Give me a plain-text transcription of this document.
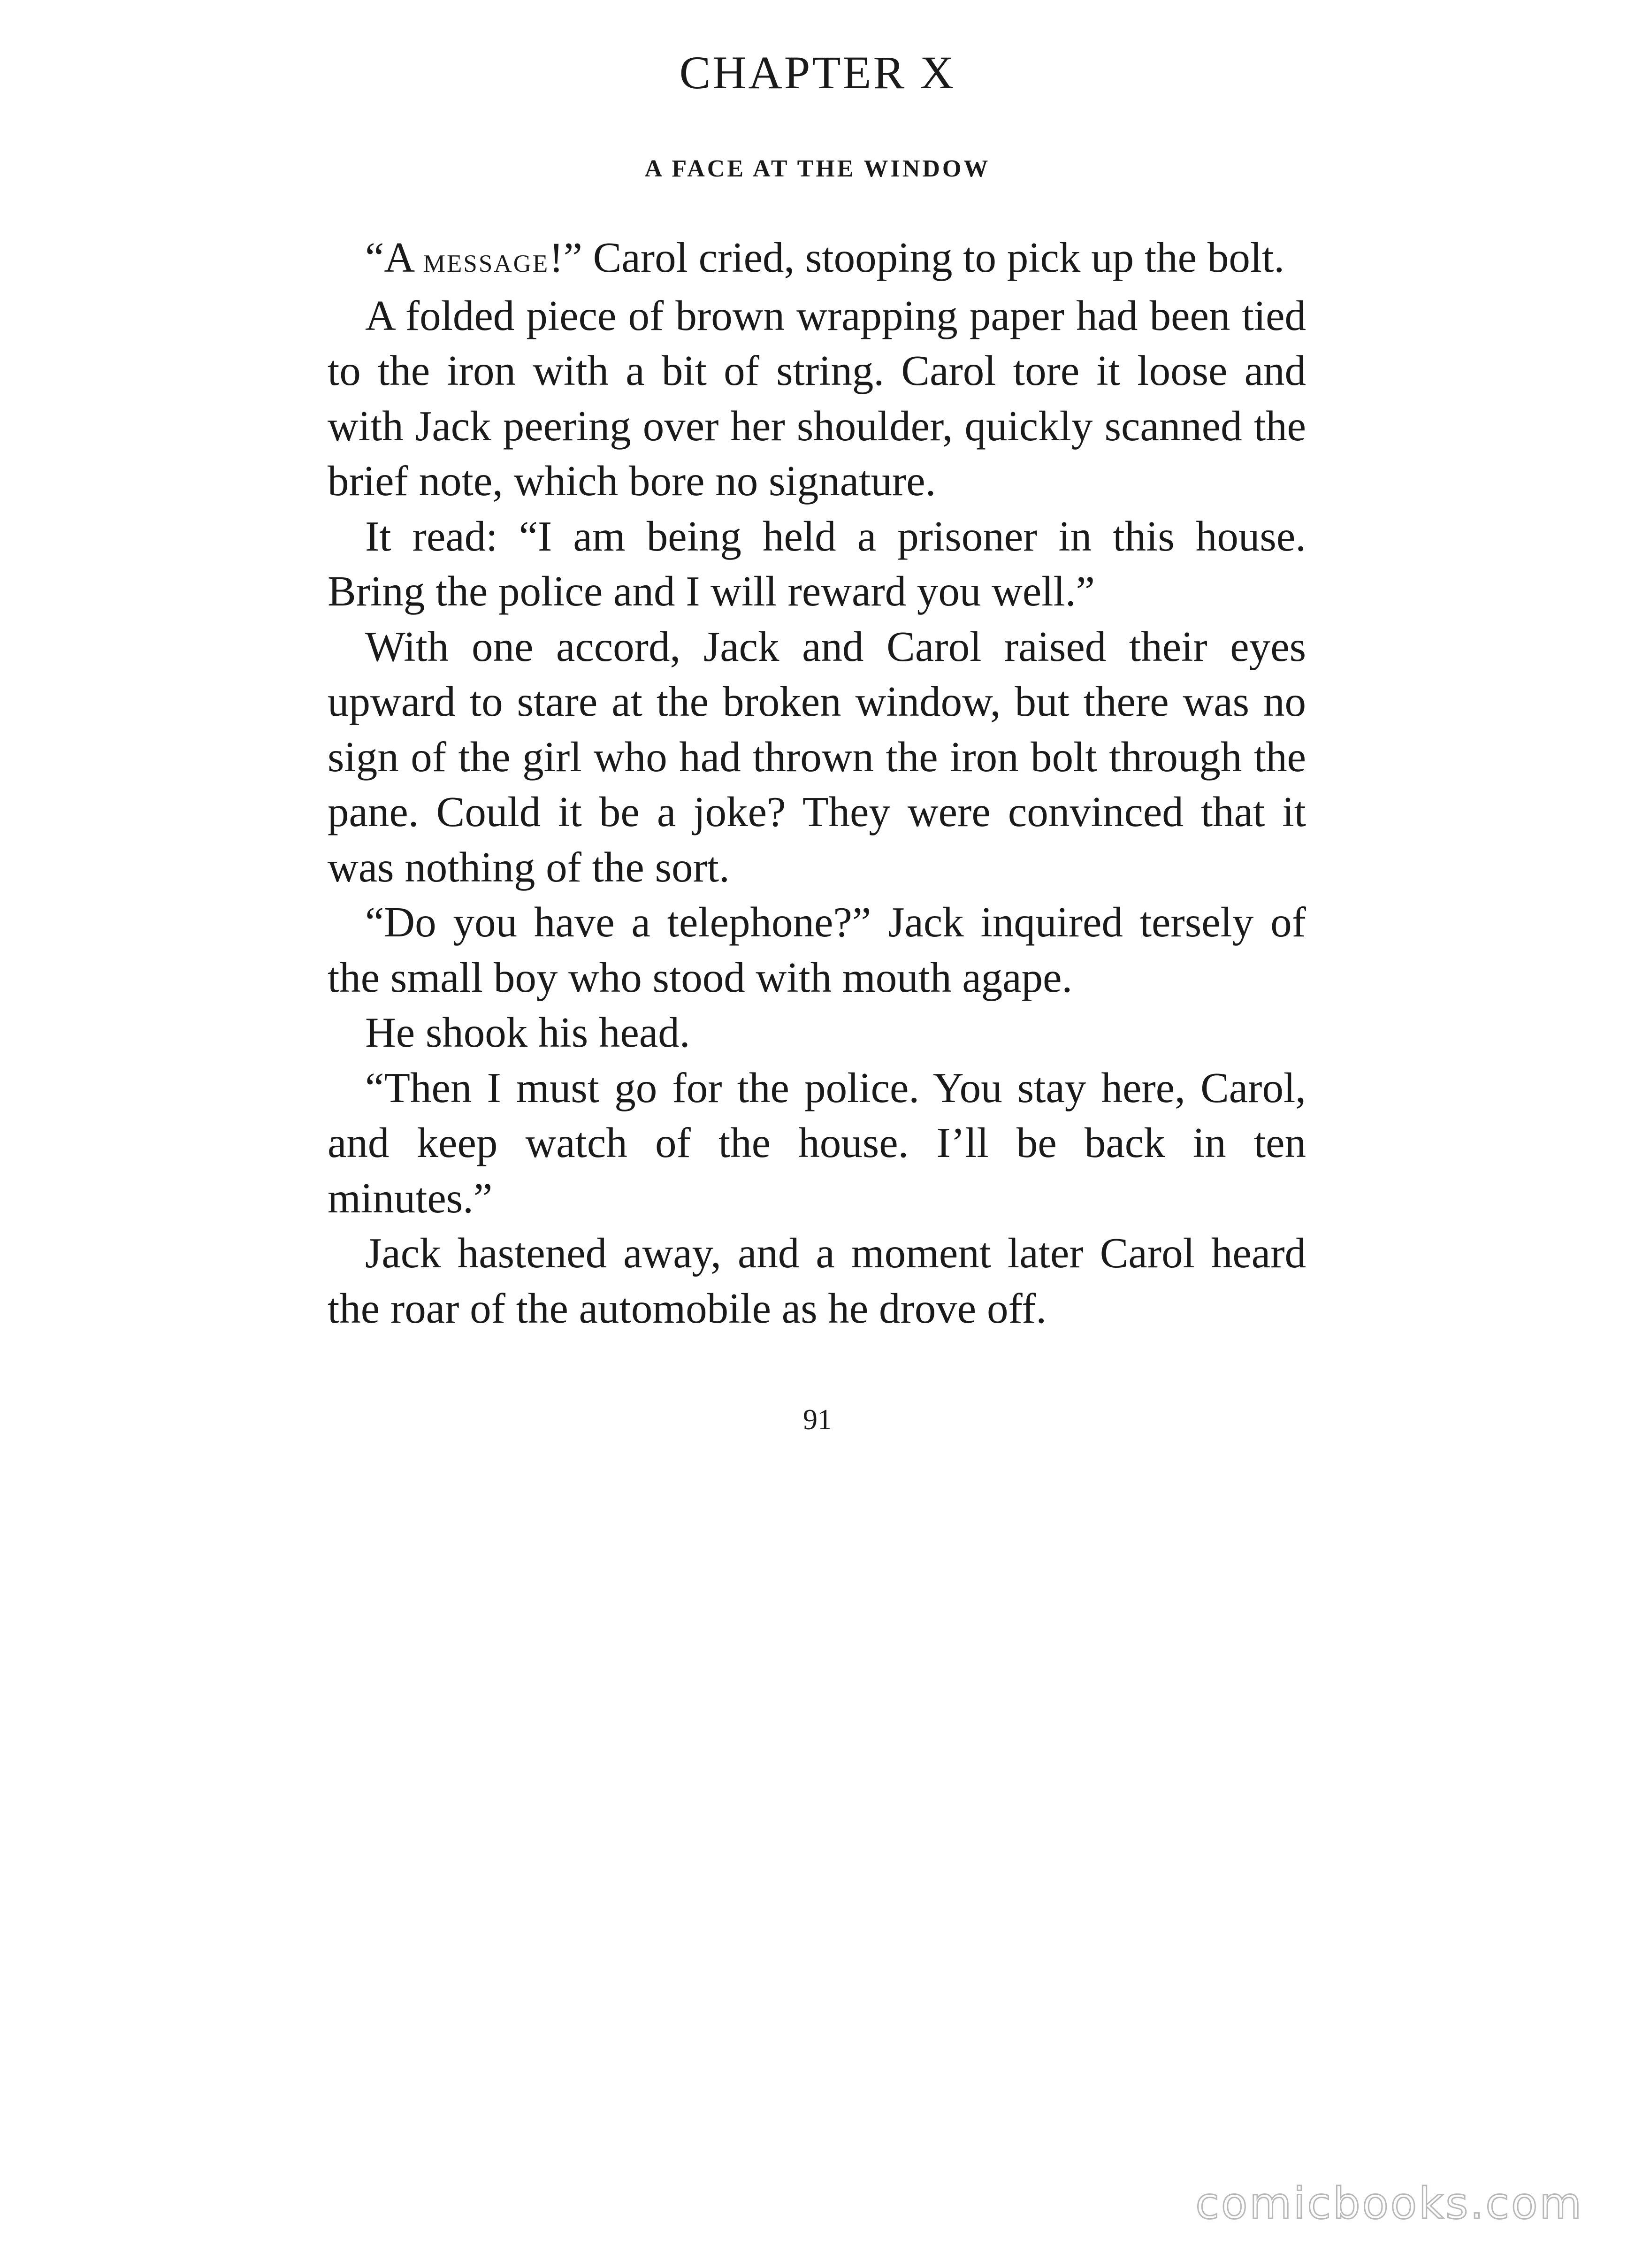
CHAPTER X
A FACE AT THE WINDOW

“A message!” Carol cried, stooping to pick up the bolt.

A folded piece of brown wrapping paper had been tied to the iron with a bit of string. Carol tore it loose and with Jack peering over her shoulder, quickly scanned the brief note, which bore no signature.

It read: “I am being held a prisoner in this house. Bring the police and I will reward you well.”

With one accord, Jack and Carol raised their eyes upward to stare at the broken window, but there was no sign of the girl who had thrown the iron bolt through the pane. Could it be a joke? They were convinced that it was nothing of the sort.

“Do you have a telephone?” Jack inquired tersely of the small boy who stood with mouth agape.

He shook his head.

“Then I must go for the police. You stay here, Carol, and keep watch of the house. I’ll be back in ten minutes.”

Jack hastened away, and a moment later Carol heard the roar of the automobile as he drove off.

91
comicbooks.com
